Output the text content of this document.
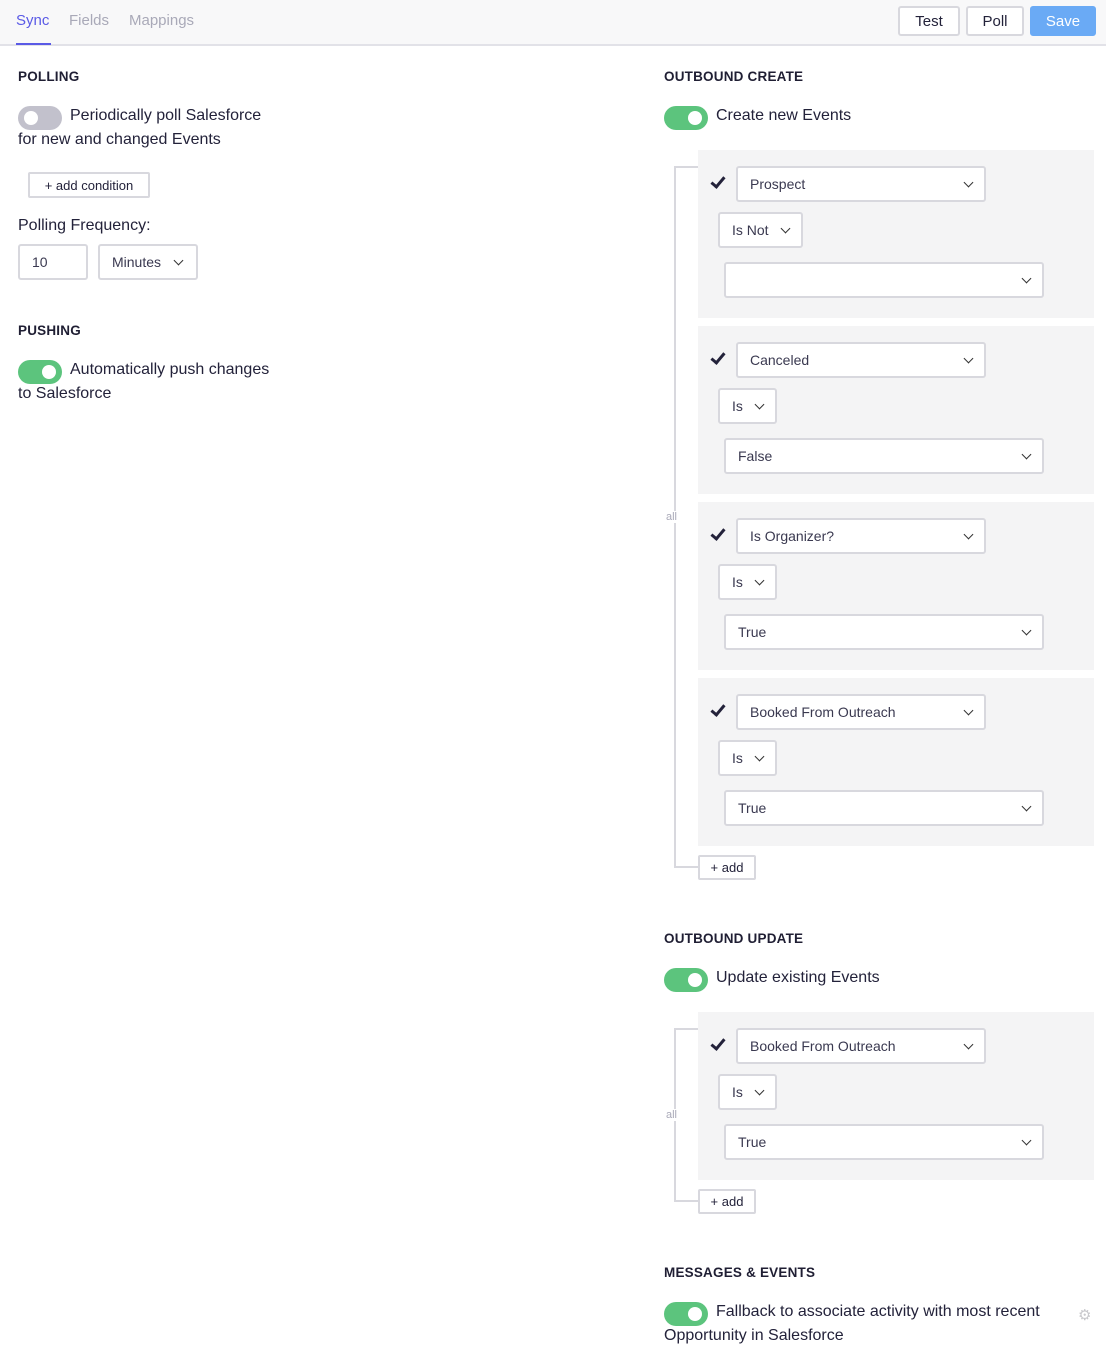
Sync Fields Mappings	Test	Poll	Save
POLLING
Periodically poll Salesforce
for new and changed Events
+ add condition
Polling Frequency:
10	Minutes
PUSHING
Automatically push changes
to Salesforce
OUTBOUND CREATE
Create new Events
all
Prospect
Is Not
Canceled
Is
False
Is Organizer?
Is
True
Booked From Outreach
Is
True
+ add
OUTBOUND UPDATE
Update existing Events
all
Booked From Outreach
Is
True
+ add
MESSAGES & EVENTS
Fallback to associate activity with most recent
Opportunity in Salesforce
⚙
